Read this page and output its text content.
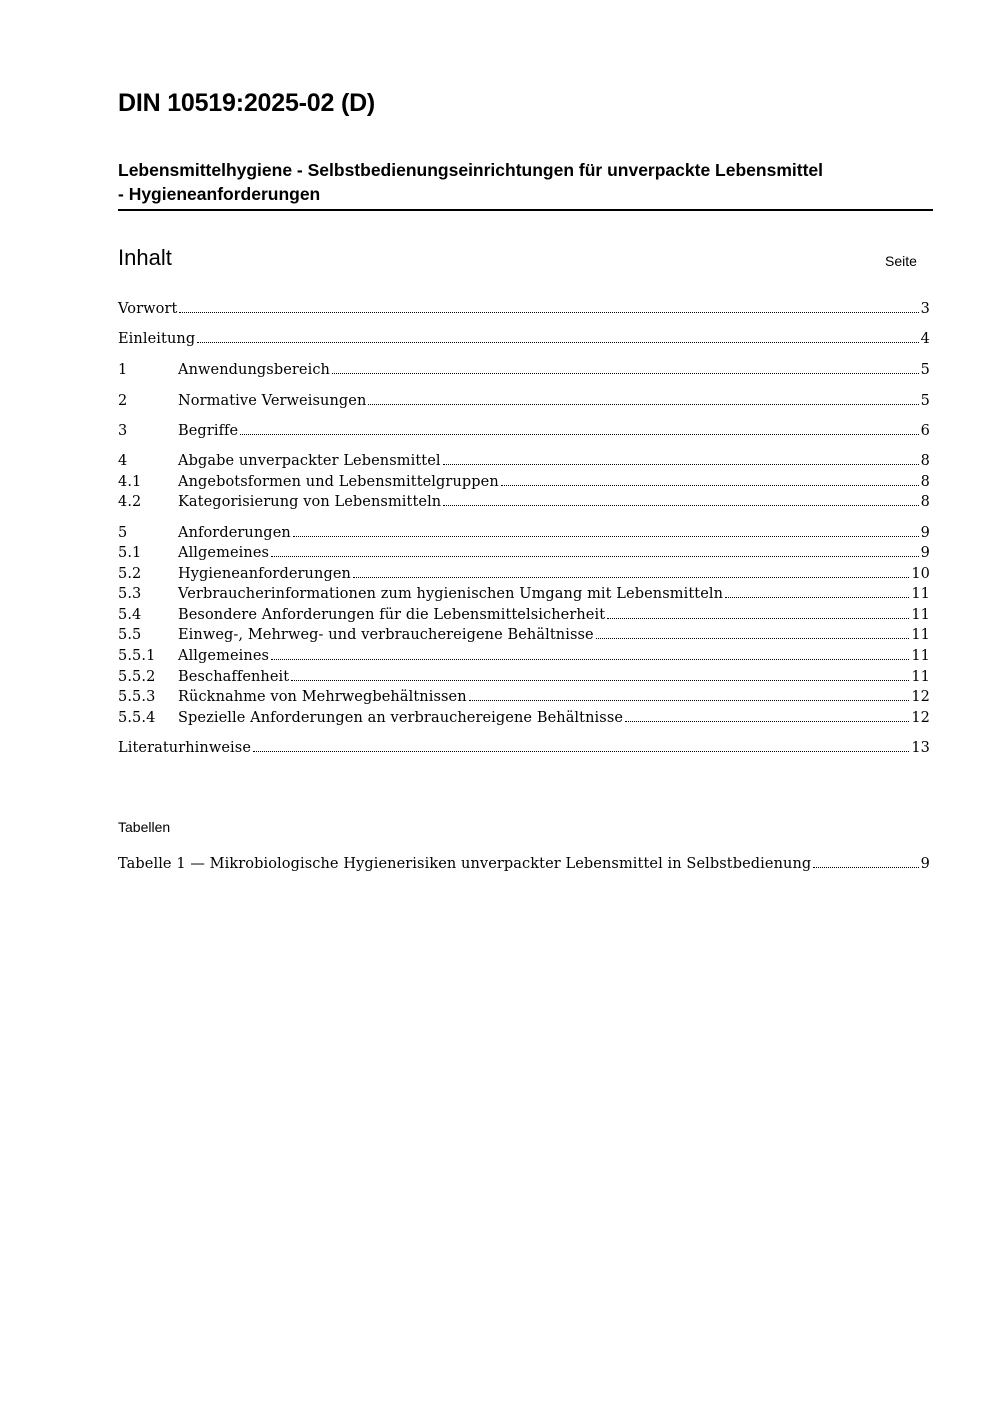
DIN 10519:2025-02 (D)
Lebensmittelhygiene - Selbstbedienungseinrichtungen für unverpackte Lebensmittel
- Hygieneanforderungen
Inhalt	Seite
Vorwort	3
Einleitung	4
1	Anwendungsbereich	5
2	Normative Verweisungen	5
3	Begriffe	6
4	Abgabe unverpackter Lebensmittel	8
4.1	Angebotsformen und Lebensmittelgruppen	8
4.2	Kategorisierung von Lebensmitteln	8
5	Anforderungen	9
5.1	Allgemeines	9
5.2	Hygieneanforderungen	10
5.3	Verbraucherinformationen zum hygienischen Umgang mit Lebensmitteln	11
5.4	Besondere Anforderungen für die Lebensmittelsicherheit	11
5.5	Einweg-, Mehrweg- und verbrauchereigene Behältnisse	11
5.5.1	Allgemeines	11
5.5.2	Beschaffenheit	11
5.5.3	Rücknahme von Mehrwegbehältnissen	12
5.5.4	Spezielle Anforderungen an verbrauchereigene Behältnisse	12
Literaturhinweise	13
Tabellen
Tabelle 1 — Mikrobiologische Hygienerisiken unverpackter Lebensmittel in Selbstbedienung	9
